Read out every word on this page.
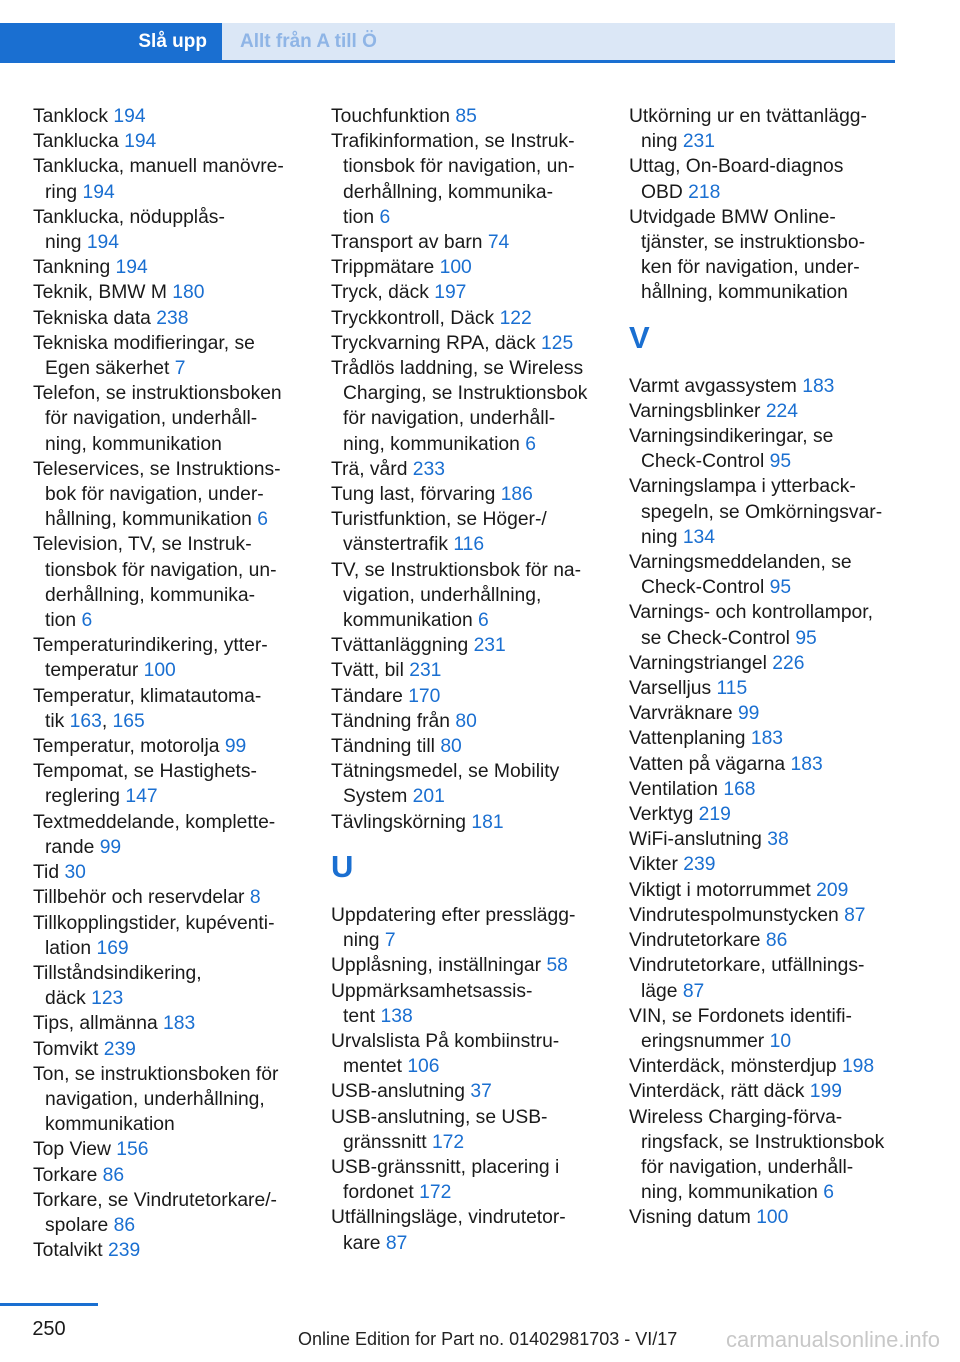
Slå upp	Allt från A till Ö
Tanklock 194
Tanklucka 194
Tanklucka, manuell manövre-
ring 194
Tanklucka, nödupplås-
ning 194
Tankning 194
Teknik, BMW M 180
Tekniska data 238
Tekniska modifieringar, se
Egen säkerhet 7
Telefon, se instruktionsboken
för navigation, underhåll-
ning, kommunikation
Teleservices, se Instruktions-
bok för navigation, under-
hållning, kommunikation 6
Television, TV, se Instruk-
tionsbok för navigation, un-
derhållning, kommunika-
tion 6
Temperaturindikering, ytter-
temperatur 100
Temperatur, klimatautoma-
tik 163, 165
Temperatur, motorolja 99
Tempomat, se Hastighets-
reglering 147
Textmeddelande, komplette-
rande 99
Tid 30
Tillbehör och reservdelar 8
Tillkopplingstider, kupéventi-
lation 169
Tillståndsindikering,
däck 123
Tips, allmänna 183
Tomvikt 239
Ton, se instruktionsboken för
navigation, underhållning,
kommunikation
Top View 156
Torkare 86
Torkare, se Vindrutetorkare/-
spolare 86
Totalvikt 239
Touchfunktion 85
Trafikinformation, se Instruk-
tionsbok för navigation, un-
derhållning, kommunika-
tion 6
Transport av barn 74
Trippmätare 100
Tryck, däck 197
Tryckkontroll, Däck 122
Tryckvarning RPA, däck 125
Trådlös laddning, se Wireless
Charging, se Instruktionsbok
för navigation, underhåll-
ning, kommunikation 6
Trä, vård 233
Tung last, förvaring 186
Turistfunktion, se Höger-/
vänstertrafik 116
TV, se Instruktionsbok för na-
vigation, underhållning,
kommunikation 6
Tvättanläggning 231
Tvätt, bil 231
Tändare 170
Tändning från 80
Tändning till 80
Tätningsmedel, se Mobility
System 201
Tävlingskörning 181
U
Uppdatering efter presslägg-
ning 7
Upplåsning, inställningar 58
Uppmärksamhetsassis-
tent 138
Urvalslista På kombiinstru-
mentet 106
USB-anslutning 37
USB-anslutning, se USB-
gränssnitt 172
USB-gränssnitt, placering i
fordonet 172
Utfällningsläge, vindrutetor-
kare 87
Utkörning ur en tvättanlägg-
ning 231
Uttag, On-Board-diagnos
OBD 218
Utvidgade BMW Online-
tjänster, se instruktionsbo-
ken för navigation, under-
hållning, kommunikation
V
Varmt avgassystem 183
Varningsblinker 224
Varningsindikeringar, se
Check-Control 95
Varningslampa i ytterback-
spegeln, se Omkörningsvar-
ning 134
Varningsmeddelanden, se
Check-Control 95
Varnings- och kontrollampor,
se Check-Control 95
Varningstriangel 226
Varselljus 115
Varvräknare 99
Vattenplaning 183
Vatten på vägarna 183
Ventilation 168
Verktyg 219
WiFi-anslutning 38
Vikter 239
Viktigt i motorrummet 209
Vindrutespolmunstycken 87
Vindrutetorkare 86
Vindrutetorkare, utfällnings-
läge 87
VIN, se Fordonets identifi-
eringsnummer 10
Vinterdäck, mönsterdjup 198
Vinterdäck, rätt däck 199
Wireless Charging-förva-
ringsfack, se Instruktionsbok
för navigation, underhåll-
ning, kommunikation 6
Visning datum 100
250	Online Edition for Part no. 01402981703 - VI/17 carmanualsonline.info
